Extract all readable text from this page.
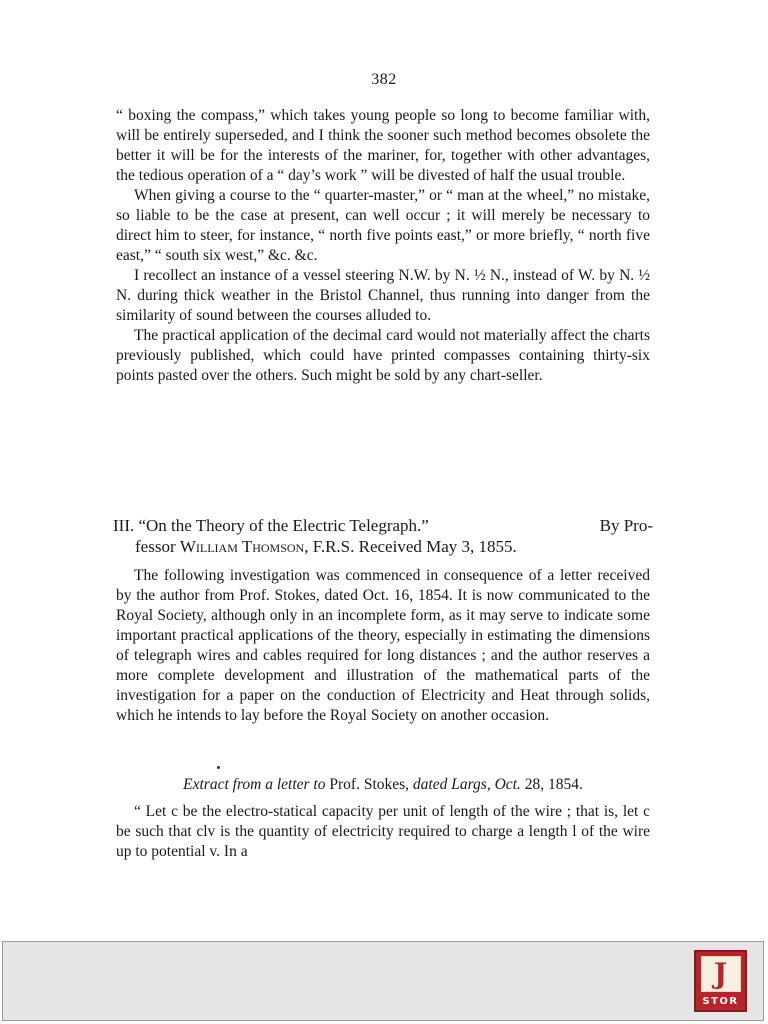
382

“ boxing the compass,” which takes young people so long to become familiar with, will be entirely superseded, and I think the sooner such method becomes obsolete the better it will be for the interests of the mariner, for, together with other advantages, the tedious operation of a “ day’s work ” will be divested of half the usual trouble.

When giving a course to the “ quarter-master,” or “ man at the wheel,” no mistake, so liable to be the case at present, can well occur ; it will merely be necessary to direct him to steer, for instance, “ north five points east,” or more briefly, “ north five east,” “ south six west,” &c. &c.

I recollect an instance of a vessel steering N.W. by N. ½ N., instead of W. by N. ½ N. during thick weather in the Bristol Channel, thus running into danger from the similarity of sound between the courses alluded to.

The practical application of the decimal card would not materially affect the charts previously published, which could have printed compasses containing thirty-six points pasted over the others. Such might be sold by any chart-seller.

III. “On the Theory of the Electric Telegraph.”	By Pro-
fessor William Thomson, F.R.S. Received May 3, 1855.

The following investigation was commenced in consequence of a letter received by the author from Prof. Stokes, dated Oct. 16, 1854. It is now communicated to the Royal Society, although only in an incomplete form, as it may serve to indicate some important practical applications of the theory, especially in estimating the dimensions of telegraph wires and cables required for long distances ; and the author reserves a more complete development and illustration of the mathematical parts of the investigation for a paper on the conduction of Electricity and Heat through solids, which he intends to lay before the Royal Society on another occasion.

Extract from a letter to Prof. Stokes, dated Largs, Oct. 28, 1854.

“ Let c be the electro-statical capacity per unit of length of the wire ; that is, let c be such that clv is the quantity of electricity required to charge a length l of the wire up to potential v. In a

J
STOR
